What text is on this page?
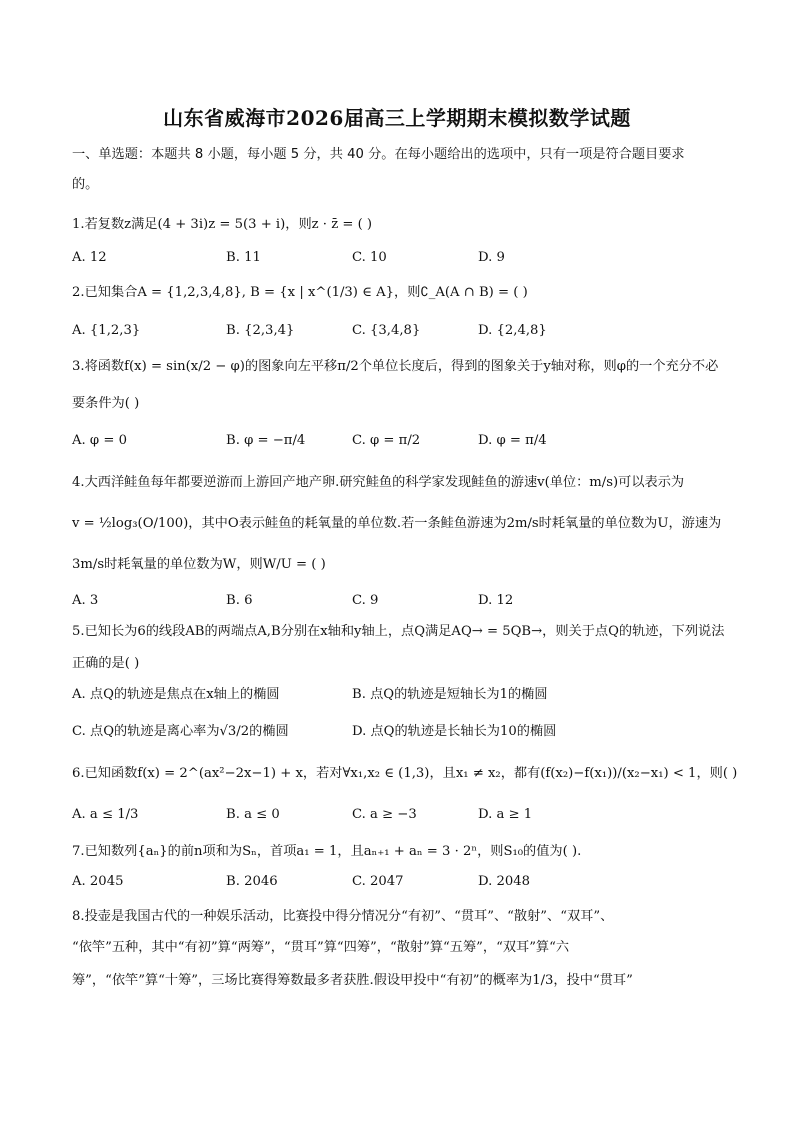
山东省威海市2026届高三上学期期末模拟数学试题
一、单选题：本题共 8 小题，每小题 5 分，共 40 分。在每小题给出的选项中，只有一项是符合题目要求
的。
1.若复数z满足(4 + 3i)z = 5(3 + i)，则z · z̄ = ( )
A. 12	B. 11	C. 10	D. 9
2.已知集合A = {1,2,3,4,8}, B = {x | x^(1/3) ∈ A}，则∁_A(A ∩ B) = ( )
A. {1,2,3}	B. {2,3,4}	C. {3,4,8}	D. {2,4,8}
3.将函数f(x) = sin(x/2 − φ)的图象向左平移π/2个单位长度后，得到的图象关于y轴对称，则φ的一个充分不必
要条件为( )
A. φ = 0	B. φ = −π/4	C. φ = π/2	D. φ = π/4
4.大西洋鲑鱼每年都要逆游而上游回产地产卵.研究鲑鱼的科学家发现鲑鱼的游速v(单位：m/s)可以表示为
v = ½log₃(O/100)，其中O表示鲑鱼的耗氧量的单位数.若一条鲑鱼游速为2m/s时耗氧量的单位数为U，游速为
3m/s时耗氧量的单位数为W，则W/U = ( )
A. 3	B. 6	C. 9	D. 12
5.已知长为6的线段AB的两端点A,B分别在x轴和y轴上，点Q满足AQ→ = 5QB→，则关于点Q的轨迹，下列说法
正确的是( )
A. 点Q的轨迹是焦点在x轴上的椭圆	B. 点Q的轨迹是短轴长为1的椭圆
C. 点Q的轨迹是离心率为√3/2的椭圆	D. 点Q的轨迹是长轴长为10的椭圆
6.已知函数f(x) = 2^(ax²−2x−1) + x，若对∀x₁,x₂ ∈ (1,3)，且x₁ ≠ x₂，都有(f(x₂)−f(x₁))/(x₂−x₁) < 1，则( )
A. a ≤ 1/3	B. a ≤ 0	C. a ≥ −3	D. a ≥ 1
7.已知数列{aₙ}的前n项和为Sₙ，首项a₁ = 1，且aₙ₊₁ + aₙ = 3 · 2ⁿ，则S₁₀的值为( ).
A. 2045	B. 2046	C. 2047	D. 2048
8.投壶是我国古代的一种娱乐活动，比赛投中得分情况分“有初”、“贯耳”、“散射”、“双耳”、
“依竿”五种，其中“有初”算“两筹”，“贯耳”算“四筹”，“散射”算“五筹”，“双耳”算“六
筹”，“依竿”算“十筹”，三场比赛得筹数最多者获胜.假设甲投中“有初”的概率为1/3，投中“贯耳”
